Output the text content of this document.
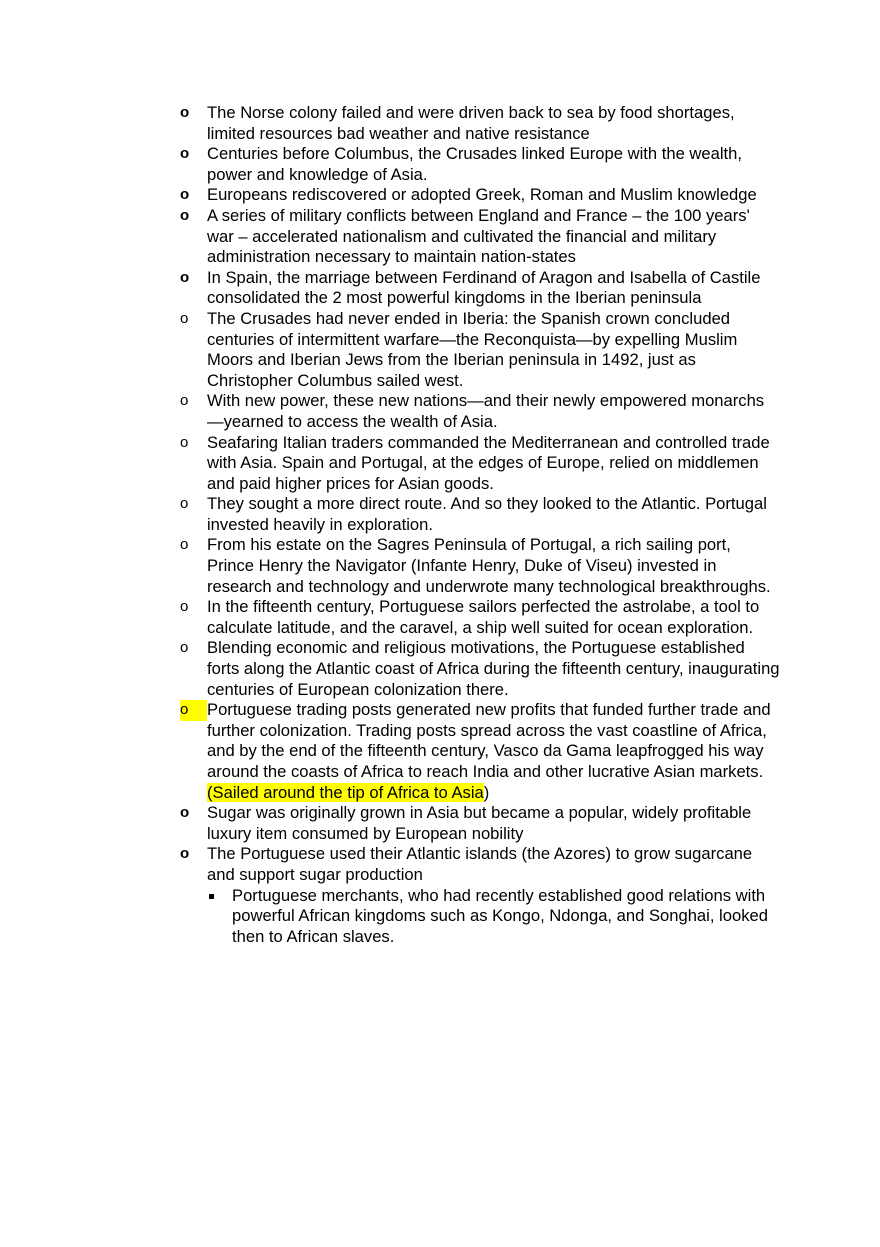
o	The Norse colony failed and were driven back to sea by food shortages, limited resources bad weather and native resistance
o	Centuries before Columbus, the Crusades linked Europe with the wealth, power and knowledge of Asia.
o	Europeans rediscovered or adopted Greek, Roman and Muslim knowledge
o	A series of military conflicts between England and France – the 100 years' war – accelerated nationalism and cultivated the financial and military administration necessary to maintain nation-states
o	In Spain, the marriage between Ferdinand of Aragon and Isabella of Castile consolidated the 2 most powerful kingdoms in the Iberian peninsula
o	The Crusades had never ended in Iberia: the Spanish crown concluded centuries of intermittent warfare—the Reconquista—by expelling Muslim Moors and Iberian Jews from the Iberian peninsula in 1492, just as Christopher Columbus sailed west.
o	With new power, these new nations—and their newly empowered monarchs—yearned to access the wealth of Asia.
o	Seafaring Italian traders commanded the Mediterranean and controlled trade with Asia. Spain and Portugal, at the edges of Europe, relied on middlemen and paid higher prices for Asian goods.
o	They sought a more direct route. And so they looked to the Atlantic. Portugal invested heavily in exploration.
o	From his estate on the Sagres Peninsula of Portugal, a rich sailing port, Prince Henry the Navigator (Infante Henry, Duke of Viseu) invested in research and technology and underwrote many technological breakthroughs.
o	In the fifteenth century, Portuguese sailors perfected the astrolabe, a tool to calculate latitude, and the caravel, a ship well suited for ocean exploration.
o	Blending economic and religious motivations, the Portuguese established forts along the Atlantic coast of Africa during the fifteenth century, inaugurating centuries of European colonization there.
o	Portuguese trading posts generated new profits that funded further trade and further colonization. Trading posts spread across the vast coastline of Africa, and by the end of the fifteenth century, Vasco da Gama leapfrogged his way around the coasts of Africa to reach India and other lucrative Asian markets. (Sailed around the tip of Africa to Asia)
o	Sugar was originally grown in Asia but became a popular, widely profitable luxury item consumed by European nobility
o	The Portuguese used their Atlantic islands (the Azores) to grow sugarcane and support sugar production
Portuguese merchants, who had recently established good relations with powerful African kingdoms such as Kongo, Ndonga, and Songhai, looked then to African slaves.
